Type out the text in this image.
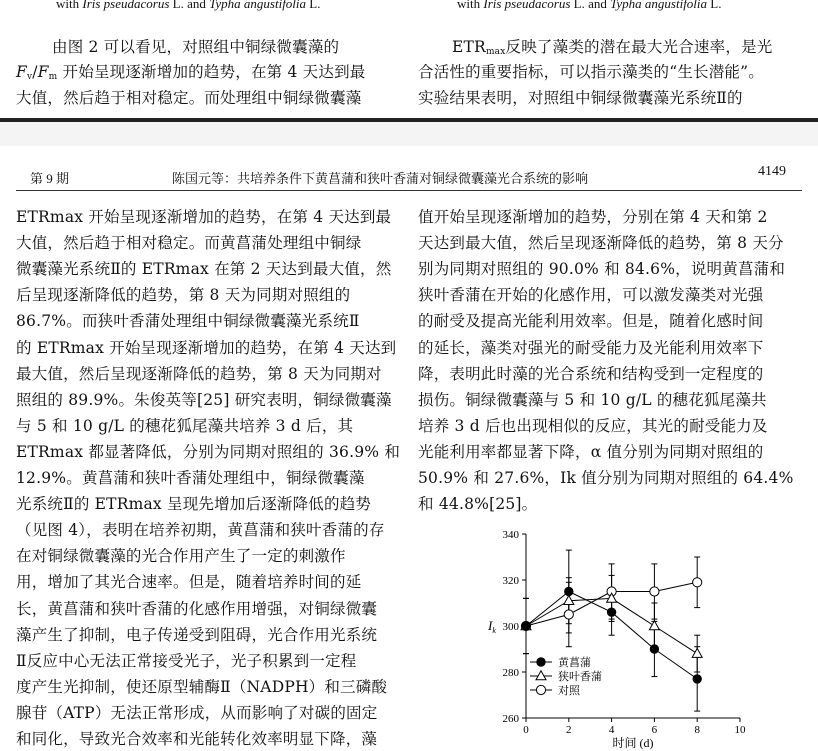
with Iris pseudacorus L. and Typha angustifolia L.	with Iris pseudacorus L. and Typha angustifolia L.
由图 2 可以看见，对照组中铜绿微囊藻的
$F_v/F_m$ 开始呈现逐渐增加的趋势，在第 4 天达到最
大值，然后趋于相对稳定。而处理组中铜绿微囊藻
$ETR_{max}$反映了藻类的潜在最大光合速率，是光
合活性的重要指标，可以指示藻类的“生长潜能”。
实验结果表明，对照组中铜绿微囊藻光系统Ⅱ的
第 9 期	陈国元等：共培养条件下黄菖蒲和狭叶香蒲对铜绿微囊藻光合系统的影响	4149
ETRmax 开始呈现逐渐增加的趋势，在第 4 天达到最
大值，然后趋于相对稳定。而黄菖蒲处理组中铜绿
微囊藻光系统Ⅱ的 ETRmax 在第 2 天达到最大值，然
后呈现逐渐降低的趋势，第 8 天为同期对照组的
86.7%。而狭叶香蒲处理组中铜绿微囊藻光系统Ⅱ
的 ETRmax 开始呈现逐渐增加的趋势，在第 4 天达到
最大值，然后呈现逐渐降低的趋势，第 8 天为同期对
照组的 89.9%。朱俊英等[25] 研究表明，铜绿微囊藻
与 5 和 10 g/L 的穗花狐尾藻共培养 3 d 后，其
ETRmax 都显著降低，分别为同期对照组的 36.9% 和
12.9%。黄菖蒲和狭叶香蒲处理组中，铜绿微囊藻
光系统Ⅱ的 ETRmax 呈现先增加后逐渐降低的趋势
（见图 4），表明在培养初期，黄菖蒲和狭叶香蒲的存
在对铜绿微囊藻的光合作用产生了一定的刺激作
用，增加了其光合速率。但是，随着培养时间的延
长，黄菖蒲和狭叶香蒲的化感作用增强，对铜绿微囊
藻产生了抑制，电子传递受到阻碍，光合作用光系统
Ⅱ反应中心无法正常接受光子，光子积累到一定程
度产生光抑制，使还原型辅酶Ⅱ（NADPH）和三磷酸
腺苷（ATP）无法正常形成，从而影响了对碳的固定
和同化，导致光合效率和光能转化效率明显下降，藻
值开始呈现逐渐增加的趋势，分别在第 4 天和第 2
天达到最大值，然后呈现逐渐降低的趋势，第 8 天分
别为同期对照组的 90.0% 和 84.6%，说明黄菖蒲和
狭叶香蒲在开始的化感作用，可以激发藻类对光强
的耐受及提高光能利用效率。但是，随着化感时间
的延长，藻类对强光的耐受能力及光能利用效率下
降，表明此时藻的光合系统和结构受到一定程度的
损伤。铜绿微囊藻与 5 和 10 g/L 的穗花狐尾藻共
培养 3 d 后也出现相似的反应，其光的耐受能力及
光能利用率都显著下降，α 值分别为同期对照组的
50.9% 和 27.6%，Ik 值分别为同期对照组的 64.4%
和 44.8%[25]。
0	2	4	6	8	10
260
280
300
320
340
时间 (d)
$I_k$
黄菖蒲
狭叶香蒲
对照
